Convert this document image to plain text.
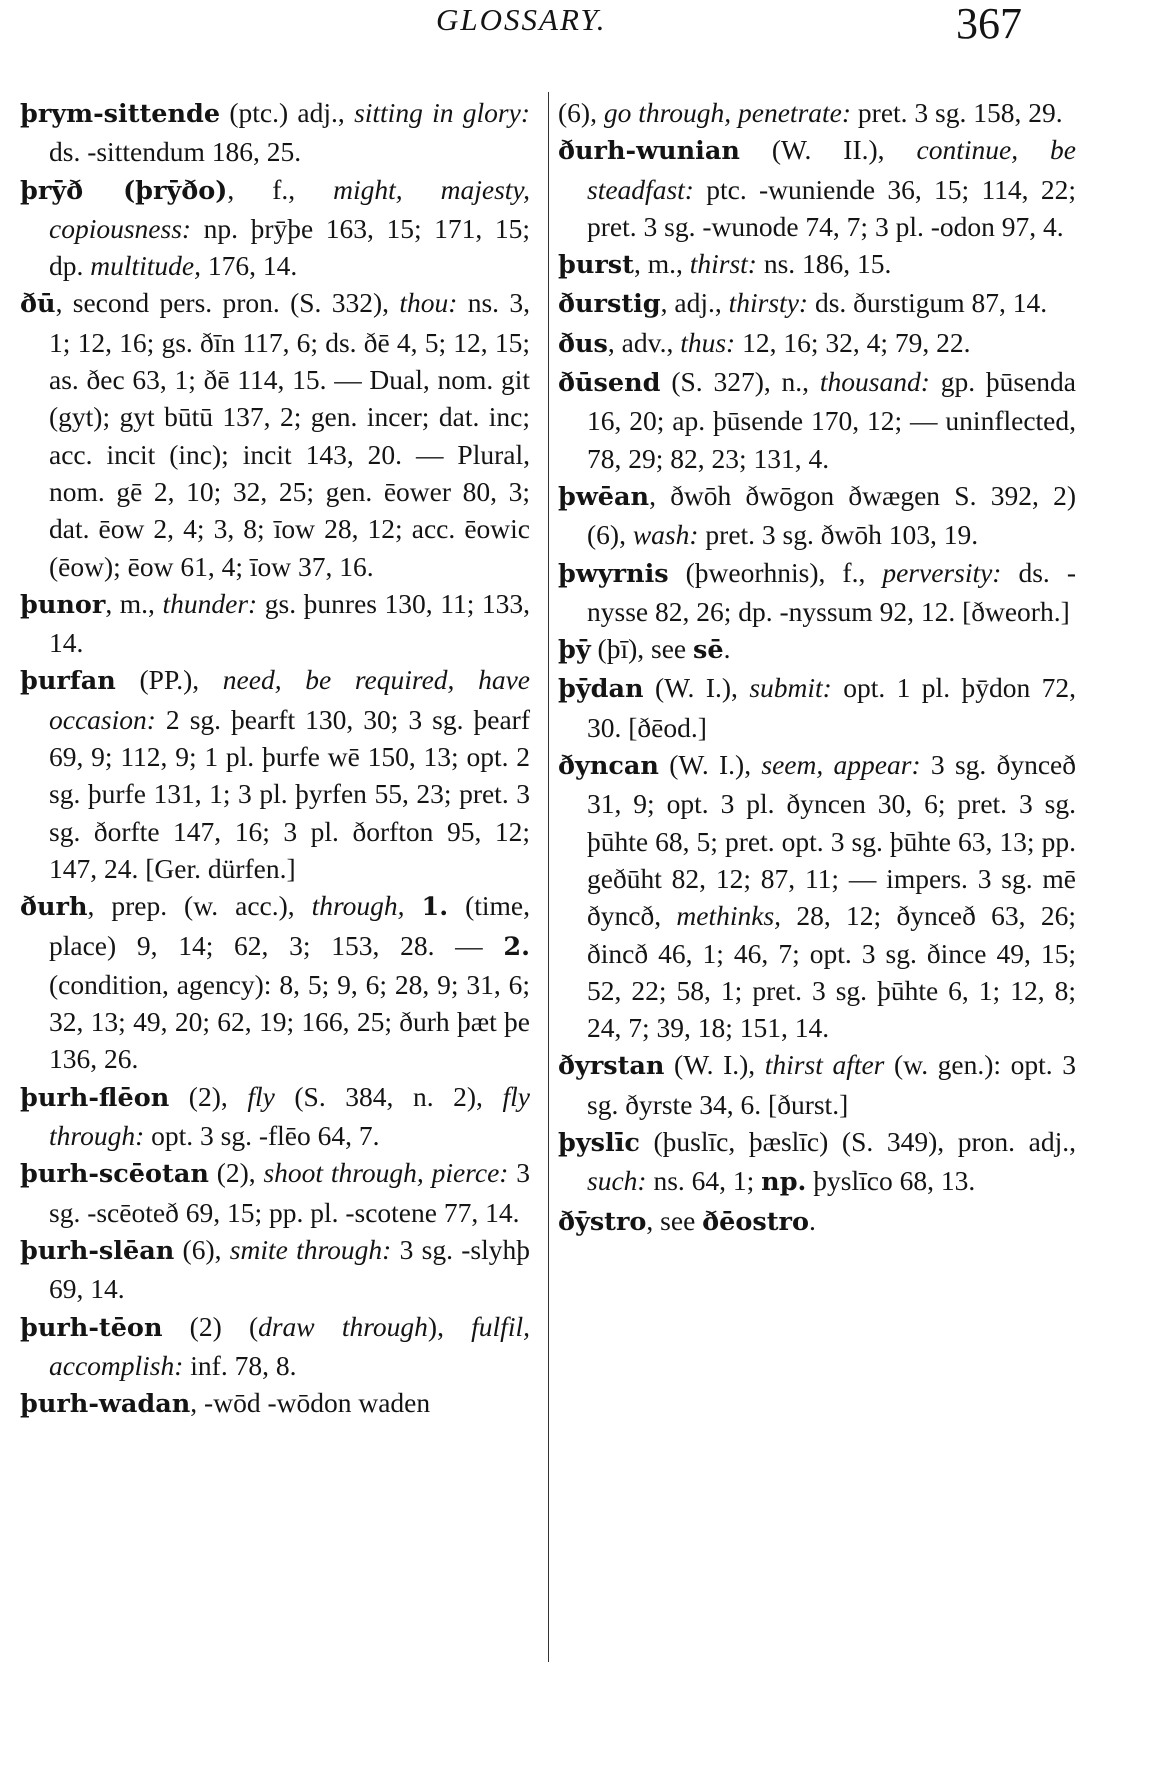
GLOSSARY.	367
þrym-sittende (ptc.) adj., sitting in glory: ds. -sittendum 186, 25.
þrȳð (þrȳðo), f., might, majesty, copiousness: np. þrȳþe 163, 15; 171, 15; dp. multitude, 176, 14.
ðū, second pers. pron. (S. 332), thou: ns. 3, 1; 12, 16; gs. ðīn 117, 6; ds. ðē 4, 5; 12, 15; as. ðec 63, 1; ðē 114, 15. — Dual, nom. git (gyt); gyt būtū 137, 2; gen. incer; dat. inc; acc. incit (inc); incit 143, 20. — Plural, nom. gē 2, 10; 32, 25; gen. ēower 80, 3; dat. ēow 2, 4; 3, 8; īow 28, 12; acc. ēowic (ēow); ēow 61, 4; īow 37, 16.
þunor, m., thunder: gs. þunres 130, 11; 133, 14.
þurfan (PP.), need, be required, have occasion: 2 sg. þearft 130, 30; 3 sg. þearf 69, 9; 112, 9; 1 pl. þurfe wē 150, 13; opt. 2 sg. þurfe 131, 1; 3 pl. þyrfen 55, 23; pret. 3 sg. ðorfte 147, 16; 3 pl. ðorfton 95, 12; 147, 24. [Ger. dürfen.]
ðurh, prep. (w. acc.), through, 1. (time, place) 9, 14; 62, 3; 153, 28. — 2. (condition, agency): 8, 5; 9, 6; 28, 9; 31, 6; 32, 13; 49, 20; 62, 19; 166, 25; ðurh þæt þe 136, 26.
þurh-flēon (2), fly (S. 384, n. 2), fly through: opt. 3 sg. -flēo 64, 7.
þurh-scēotan (2), shoot through, pierce: 3 sg. -scēoteð 69, 15; pp. pl. -scotene 77, 14.
þurh-slēan (6), smite through: 3 sg. -slyhþ 69, 14.
þurh-tēon (2) (draw through), fulfil, accomplish: inf. 78, 8.
þurh-wadan, -wōd -wōdon waden
(6), go through, penetrate: pret. 3 sg. 158, 29.
ðurh-wunian (W. II.), continue, be steadfast: ptc. -wuniende 36, 15; 114, 22; pret. 3 sg. -wunode 74, 7; 3 pl. -odon 97, 4.
þurst, m., thirst: ns. 186, 15.
ðurstig, adj., thirsty: ds. ðurstigum 87, 14.
ðus, adv., thus: 12, 16; 32, 4; 79, 22.
ðūsend (S. 327), n., thousand: gp. þūsenda 16, 20; ap. þūsende 170, 12; — uninflected, 78, 29; 82, 23; 131, 4.
þwēan, ðwōh ðwōgon ðwægen S. 392, 2) (6), wash: pret. 3 sg. ðwōh 103, 19.
þwyrnis (þweorhnis), f., perversity: ds. -nysse 82, 26; dp. -nyssum 92, 12. [ðweorh.]
þȳ (þī), see sē.
þȳdan (W. I.), submit: opt. 1 pl. þȳdon 72, 30. [ðēod.]
ðyncan (W. I.), seem, appear: 3 sg. ðynceð 31, 9; opt. 3 pl. ðyncen 30, 6; pret. 3 sg. þūhte 68, 5; pret. opt. 3 sg. þūhte 63, 13; pp. geðūht 82, 12; 87, 11; — impers. 3 sg. mē ðyncð, methinks, 28, 12; ðynceð 63, 26; ðincð 46, 1; 46, 7; opt. 3 sg. ðince 49, 15; 52, 22; 58, 1; pret. 3 sg. þūhte 6, 1; 12, 8; 24, 7; 39, 18; 151, 14.
ðyrstan (W. I.), thirst after (w. gen.): opt. 3 sg. ðyrste 34, 6. [ðurst.]
þyslīc (þuslīc, þæslīc) (S. 349), pron. adj., such: ns. 64, 1; np. þyslīco 68, 13.
ðȳstro, see ðēostro.
